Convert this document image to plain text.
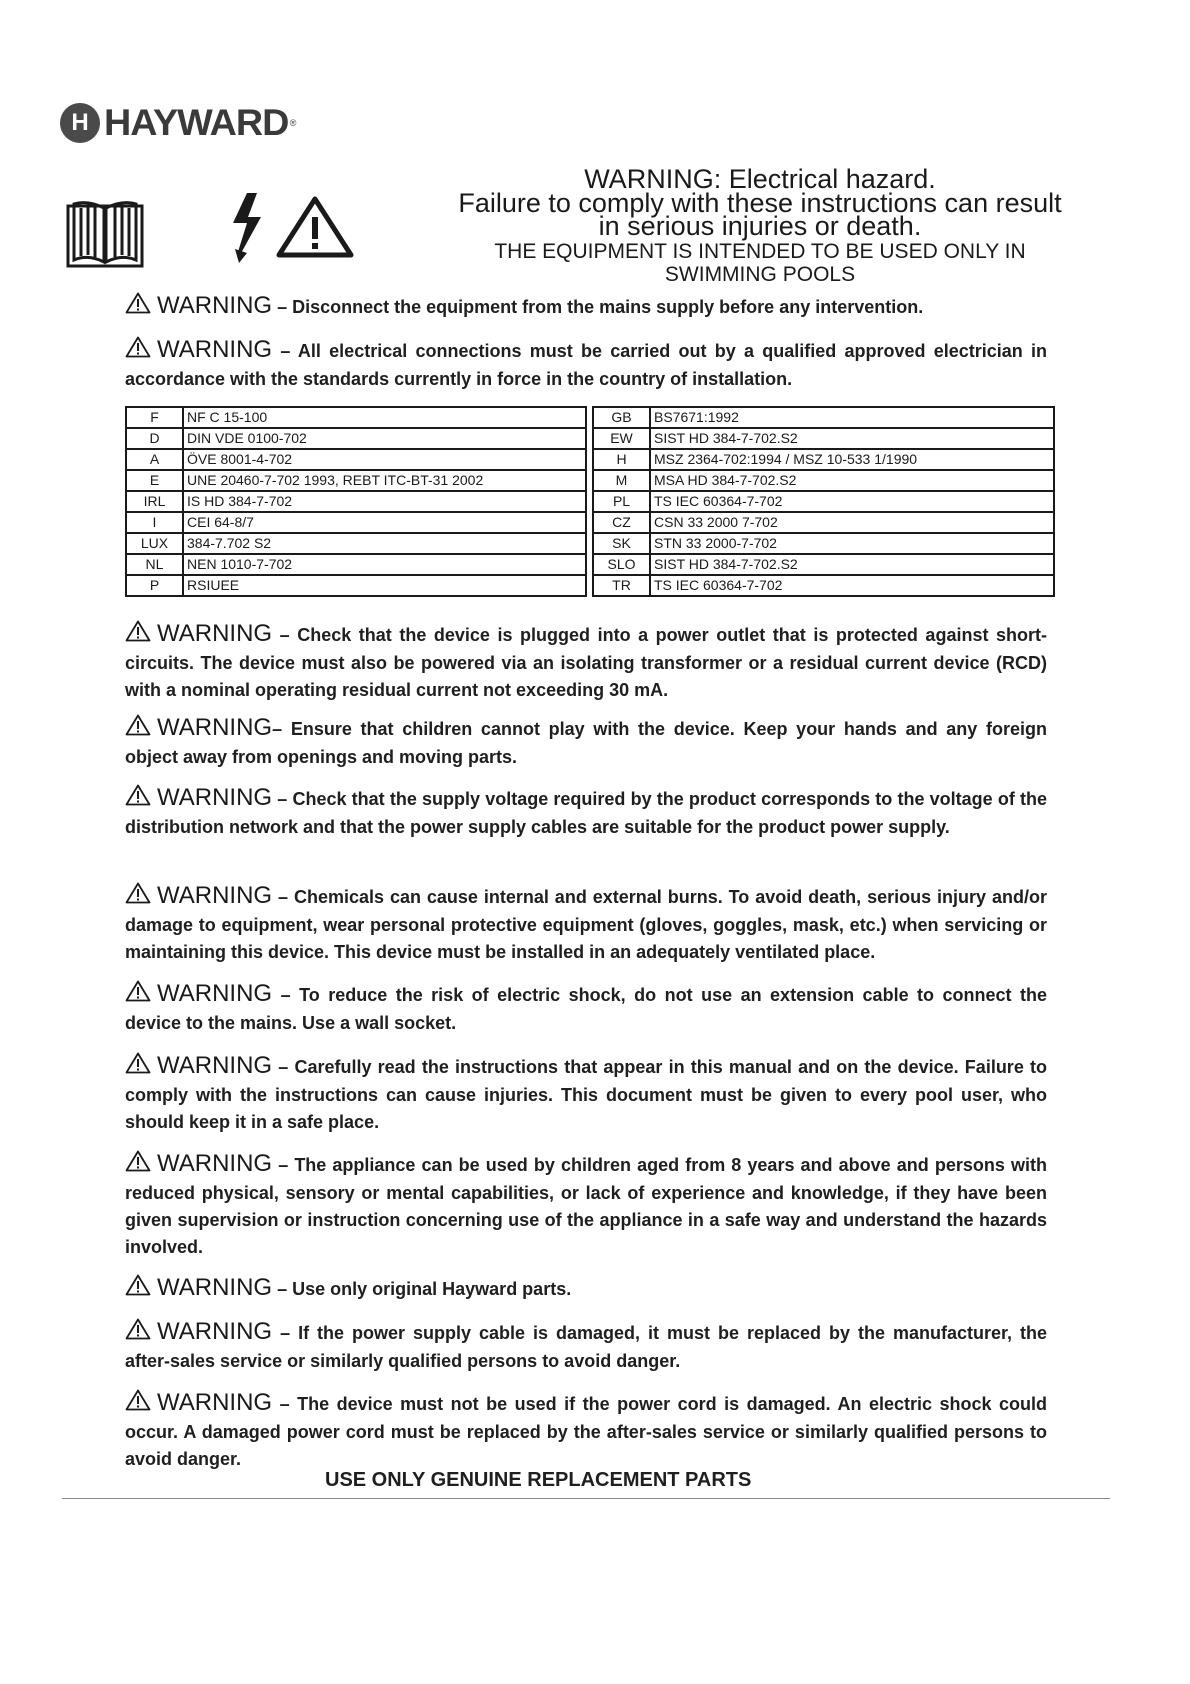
H HAYWARD ®
WARNING: Electrical hazard.
Failure to comply with these instructions can result
in serious injuries or death.
THE EQUIPMENT IS INTENDED TO BE USED ONLY IN
SWIMMING POOLS
WARNING – Disconnect the equipment from the mains supply before any intervention.
WARNING – All electrical connections must be carried out by a qualified approved electrician in accordance with the standards currently in force in the country of installation.
F	NF C 15-100
D	DIN VDE 0100-702
A	ÖVE 8001-4-702
E	UNE 20460-7-702 1993, REBT ITC-BT-31 2002
IRL	IS HD 384-7-702
I	CEI 64-8/7
LUX	384-7.702 S2
NL	NEN 1010-7-702
P	RSIUEE
GB	BS7671:1992
EW	SIST HD 384-7-702.S2
H	MSZ 2364-702:1994 / MSZ 10-533 1/1990
M	MSA HD 384-7-702.S2
PL	TS IEC 60364-7-702
CZ	CSN 33 2000 7-702
SK	STN 33 2000-7-702
SLO	SIST HD 384-7-702.S2
TR	TS IEC 60364-7-702
WARNING – Check that the device is plugged into a power outlet that is protected against short-circuits. The device must also be powered via an isolating transformer or a residual current device (RCD) with a nominal operating residual current not exceeding 30 mA.
WARNING– Ensure that children cannot play with the device. Keep your hands and any foreign object away from openings and moving parts.
WARNING – Check that the supply voltage required by the product corresponds to the voltage of the distribution network and that the power supply cables are suitable for the product power supply.
WARNING – Chemicals can cause internal and external burns. To avoid death, serious injury and/or damage to equipment, wear personal protective equipment (gloves, goggles, mask, etc.) when servicing or maintaining this device. This device must be installed in an adequately ventilated place.
WARNING – To reduce the risk of electric shock, do not use an extension cable to connect the device to the mains. Use a wall socket.
WARNING – Carefully read the instructions that appear in this manual and on the device. Failure to comply with the instructions can cause injuries. This document must be given to every pool user, who should keep it in a safe place.
WARNING – The appliance can be used by children aged from 8 years and above and persons with reduced physical, sensory or mental capabilities, or lack of experience and knowledge, if they have been given supervision or instruction concerning use of the appliance in a safe way and understand the hazards involved.
WARNING – Use only original Hayward parts.
WARNING – If the power supply cable is damaged, it must be replaced by the manufacturer, the after-sales service or similarly qualified persons to avoid danger.
WARNING – The device must not be used if the power cord is damaged. An electric shock could occur. A damaged power cord must be replaced by the after-sales service or similarly qualified persons to avoid danger.
USE ONLY GENUINE REPLACEMENT PARTS
